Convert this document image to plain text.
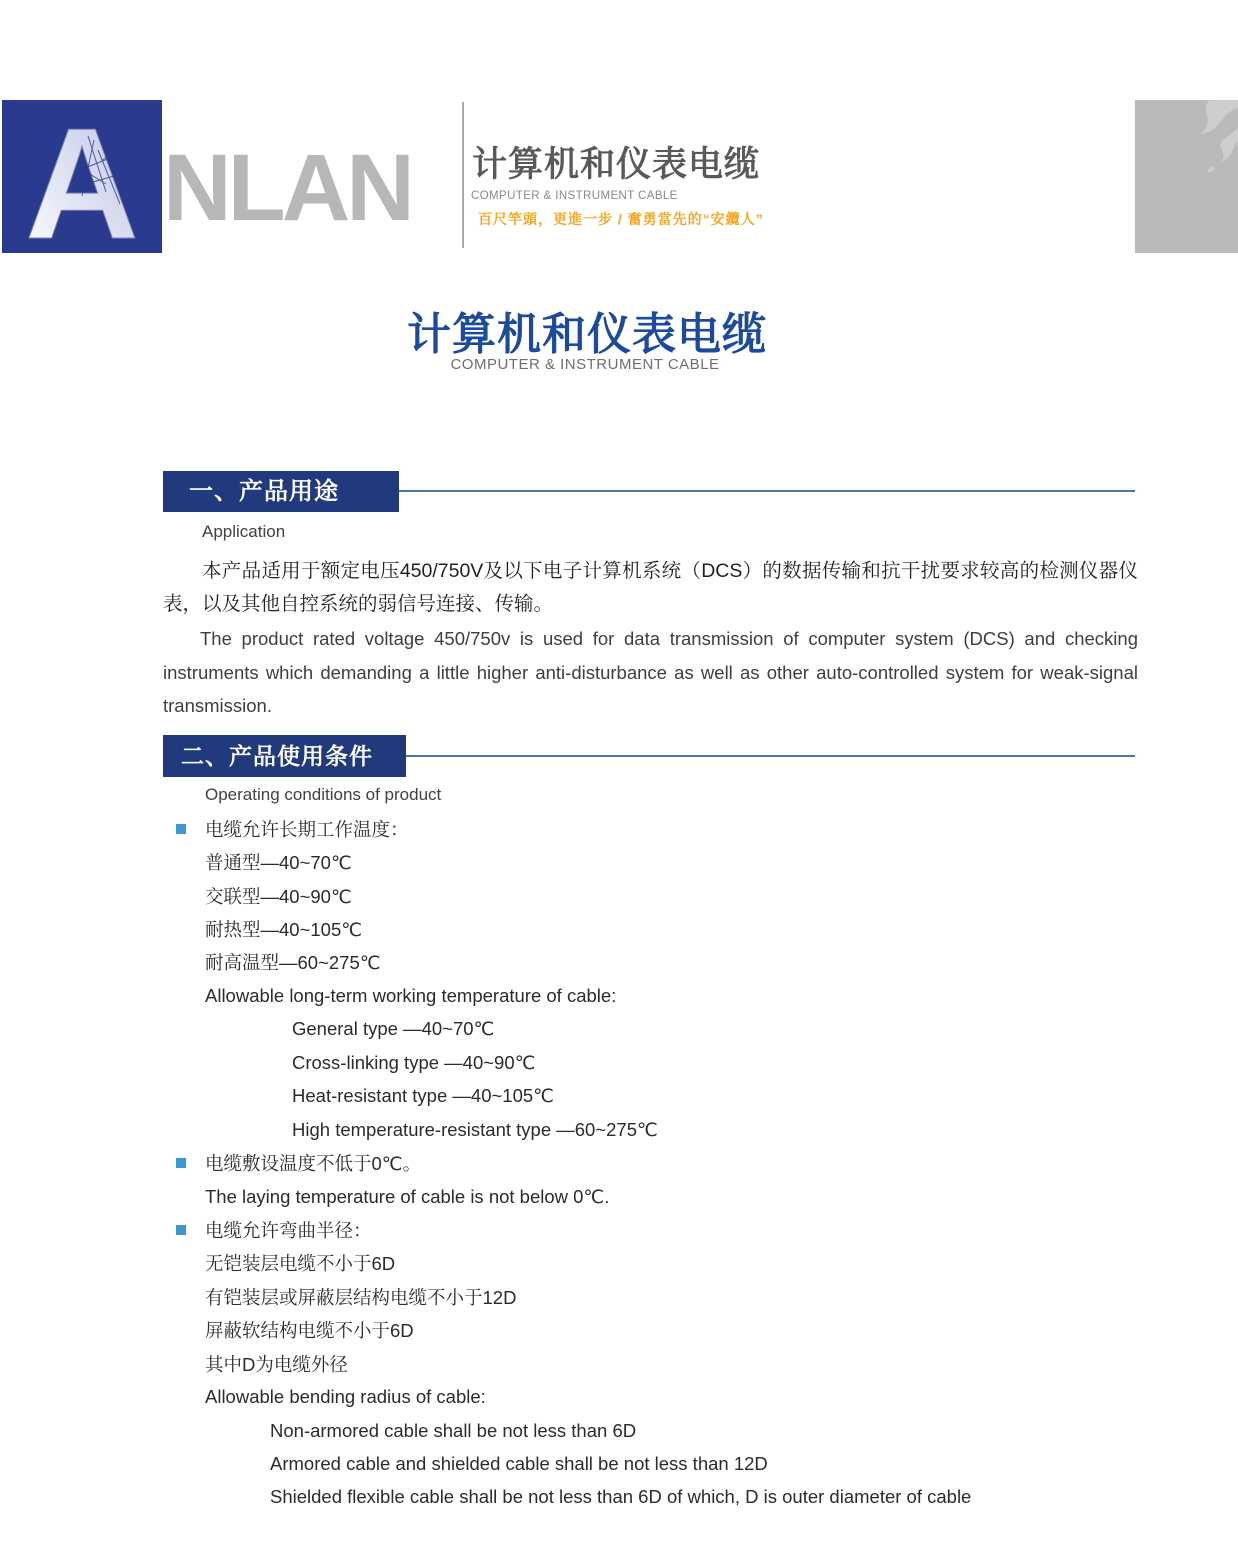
A NLAN 计算机和仪表电缆
COMPUTER & INSTRUMENT CABLE
百尺竿頭，更進一步 / 奮勇當先的“安纜人”
计算机和仪表电缆
COMPUTER & INSTRUMENT CABLE
一、产品用途
Application

本产品适用于额定电压450/750V及以下电子计算机系统（DCS）的数据传输和抗干扰要求较高的检测仪器仪表，以及其他自控系统的弱信号连接、传输。

The product rated voltage 450/750v is used for data transmission of computer system (DCS) and checking instruments which demanding a little higher anti-disturbance as well as other auto-controlled system for weak-signal transmission.

二、产品使用条件
Operating conditions of product
电缆允许长期工作温度：
普通型—40~70℃
交联型—40~90℃
耐热型—40~105℃
耐高温型—60~275℃
Allowable long-term working temperature of cable:
General type —40~70℃
Cross-linking type —40~90℃
Heat-resistant type —40~105℃
High temperature-resistant type —60~275℃
电缆敷设温度不低于0℃。
The laying temperature of cable is not below 0℃.
电缆允许弯曲半径：
无铠装层电缆不小于6D
有铠装层或屏蔽层结构电缆不小于12D
屏蔽软结构电缆不小于6D
其中D为电缆外径
Allowable bending radius of cable:
Non-armored cable shall be not less than 6D
Armored cable and shielded cable shall be not less than 12D
Shielded flexible cable shall be not less than 6D of which, D is outer diameter of cable
